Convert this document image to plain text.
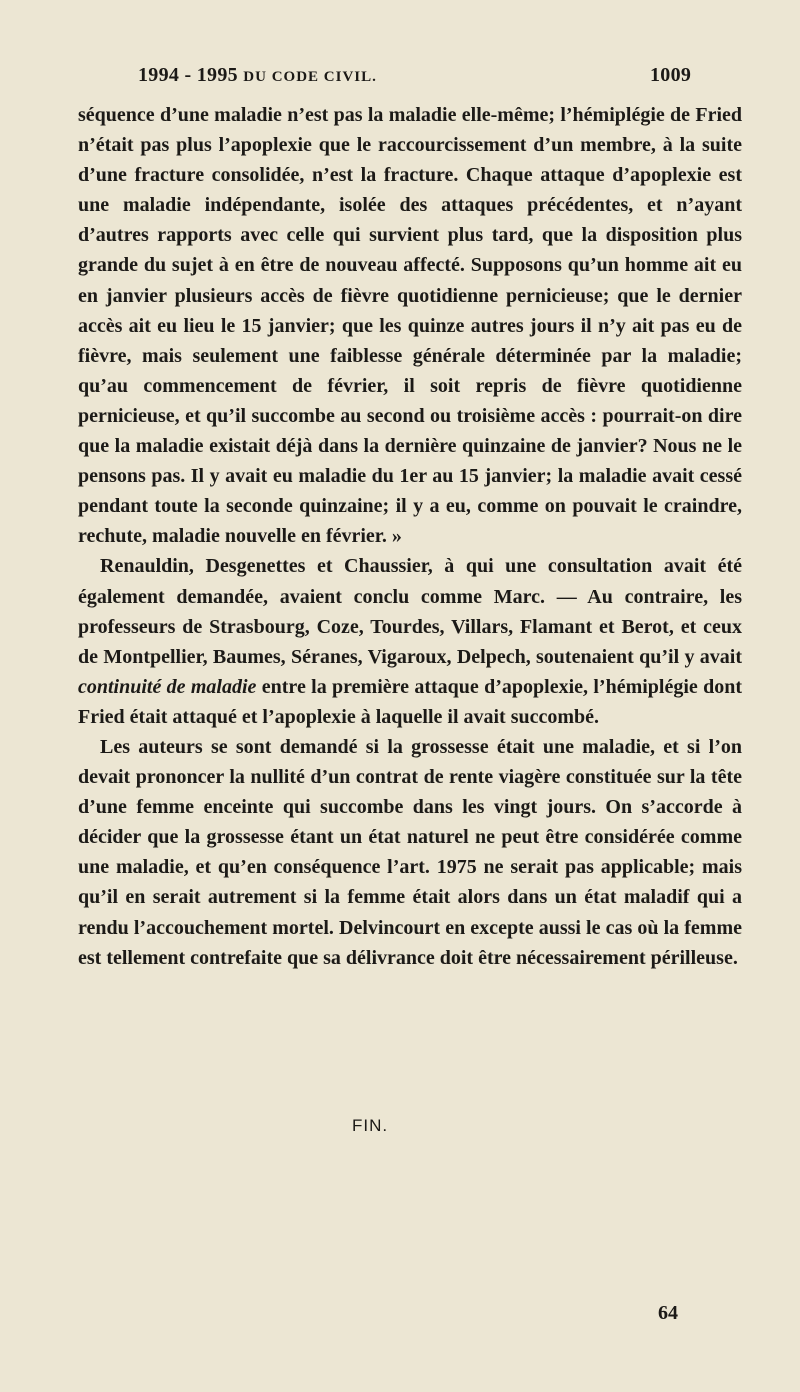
1994 - 1995 DU CODE CIVIL.	1009

séquence d’une maladie n’est pas la maladie elle-même; l’hémiplégie de Fried n’était pas plus l’apoplexie que le raccourcissement d’un membre, à la suite d’une fracture consolidée, n’est la fracture. Chaque attaque d’apoplexie est une maladie indépendante, isolée des attaques précédentes, et n’ayant d’autres rapports avec celle qui survient plus tard, que la disposition plus grande du sujet à en être de nouveau affecté. Supposons qu’un homme ait eu en janvier plusieurs accès de fièvre quotidienne pernicieuse; que le dernier accès ait eu lieu le 15 janvier; que les quinze autres jours il n’y ait pas eu de fièvre, mais seulement une faiblesse générale déterminée par la maladie; qu’au commencement de février, il soit repris de fièvre quotidienne pernicieuse, et qu’il succombe au second ou troisième accès : pourrait-on dire que la maladie existait déjà dans la dernière quinzaine de janvier? Nous ne le pensons pas. Il y avait eu maladie du 1er au 15 janvier; la maladie avait cessé pendant toute la seconde quinzaine; il y a eu, comme on pouvait le craindre, rechute, maladie nouvelle en février. »

Renauldin, Desgenettes et Chaussier, à qui une consultation avait été également demandée, avaient conclu comme Marc. — Au contraire, les professeurs de Strasbourg, Coze, Tourdes, Villars, Flamant et Berot, et ceux de Montpellier, Baumes, Séranes, Vigaroux, Delpech, soutenaient qu’il y avait continuité de maladie entre la première attaque d’apoplexie, l’hémiplégie dont Fried était attaqué et l’apoplexie à laquelle il avait succombé.

Les auteurs se sont demandé si la grossesse était une maladie, et si l’on devait prononcer la nullité d’un contrat de rente viagère constituée sur la tête d’une femme enceinte qui succombe dans les vingt jours. On s’accorde à décider que la grossesse étant un état naturel ne peut être considérée comme une maladie, et qu’en conséquence l’art. 1975 ne serait pas applicable; mais qu’il en serait autrement si la femme était alors dans un état maladif qui a rendu l’accouchement mortel. Delvincourt en excepte aussi le cas où la femme est tellement contrefaite que sa délivrance doit être nécessairement périlleuse.

FIN.
64
